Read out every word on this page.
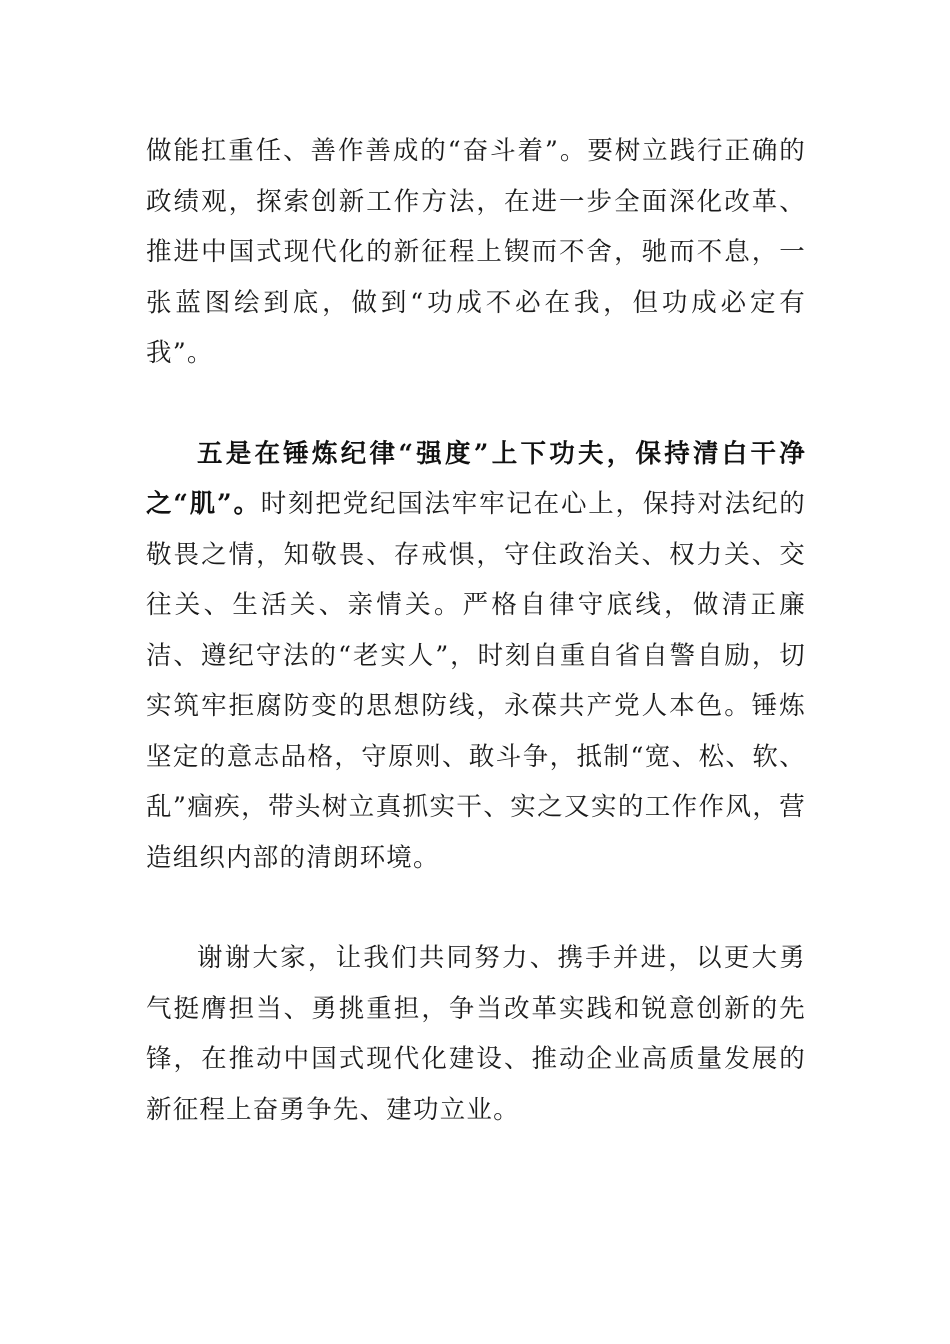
做能扛重任、善作善成的“奋斗着”。要树立践行正确的政绩观，探索创新工作方法，在进一步全面深化改革、推进中国式现代化的新征程上锲而不舍，驰而不息，一张蓝图绘到底，做到“功成不必在我，但功成必定有我”。

五是在锤炼纪律“强度”上下功夫，保持清白干净之“肌”。时刻把党纪国法牢牢记在心上，保持对法纪的敬畏之情，知敬畏、存戒惧，守住政治关、权力关、交往关、生活关、亲情关。严格自律守底线，做清正廉洁、遵纪守法的“老实人”，时刻自重自省自警自励，切实筑牢拒腐防变的思想防线，永葆共产党人本色。锤炼坚定的意志品格，守原则、敢斗争，抵制“宽、松、软、乱”痼疾，带头树立真抓实干、实之又实的工作作风，营造组织内部的清朗环境。

谢谢大家，让我们共同努力、携手并进，以更大勇气挺膺担当、勇挑重担，争当改革实践和锐意创新的先锋，在推动中国式现代化建设、推动企业高质量发展的新征程上奋勇争先、建功立业。
